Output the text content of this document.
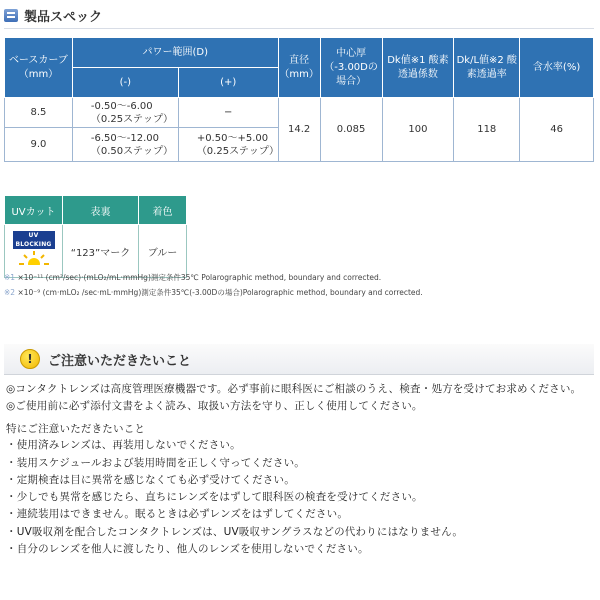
製品スペック
ベースカーブ（mm）	パワー範囲(D)		直径（mm）	中心厚（-3.00Dの場合）	Dk値※1 酸素透過係数	Dk/L値※2 酸素透過率	含水率(%)
	(-)	(+)					
8.5	-0.50〜-6.00（0.25ステップ）	−	14.2	0.085	100	118	46
9.0	-6.50〜-12.00（0.50ステップ）	+0.50〜+5.00（0.25ステップ）					
UVカット	表裏	着色

UV BLOCKING	“123”マーク	ブルー
※1 ×10⁻¹¹ (cm²/sec)·(mLO₂/mL·mmHg)測定条件35℃ Polarographic method, boundary and corrected.
※2 ×10⁻⁹ (cm·mLO₂ /sec·mL·mmHg)測定条件35℃(-3.00Dの場合)Polarographic method, boundary and corrected.
!	ご注意いただきたいこと
◎コンタクトレンズは高度管理医療機器です。必ず事前に眼科医にご相談のうえ、検査・処方を受けてお求めください。
◎ご使用前に必ず添付文書をよく読み、取扱い方法を守り、正しく使用してください。
特にご注意いただきたいこと
・使用済みレンズは、再装用しないでください。
・装用スケジュールおよび装用時間を正しく守ってください。
・定期検査は目に異常を感じなくても必ず受けてください。
・少しでも異常を感じたら、直ちにレンズをはずして眼科医の検査を受けてください。
・連続装用はできません。眠るときは必ずレンズをはずしてください。
・UV吸収剤を配合したコンタクトレンズは、UV吸収サングラスなどの代わりにはなりません。
・自分のレンズを他人に渡したり、他人のレンズを使用しないでください。
